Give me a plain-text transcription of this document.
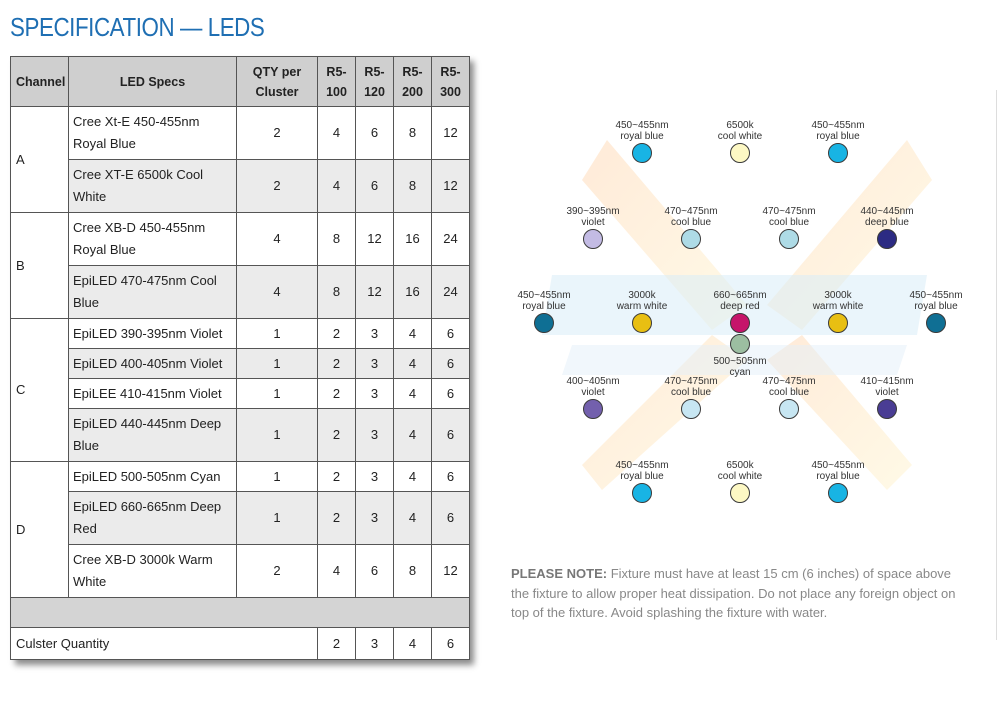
SPECIFICATION — LEDS
Channel	LED Specs	QTY per Cluster	R5-100	R5-120	R5-200	R5-300
A	Cree Xt-E 450-455nm Royal Blue	2	4	6	8	12
	Cree XT-E 6500k Cool White	2	4	6	8	12
B	Cree XB-D 450-455nm Royal Blue	4	8	12	16	24
	EpiLED 470-475nm Cool Blue	4	8	12	16	24
C	EpiLED 390-395nm Violet	1	2	3	4	6
	EpiLED 400-405nm Violet	1	2	3	4	6
	EpiLEE 410-415nm Violet	1	2	3	4	6
	EpiLED 440-445nm Deep Blue	1	2	3	4	6
D	EpiLED 500-505nm Cyan	1	2	3	4	6
	EpiLED 660-665nm Deep Red	1	2	3	4	6
	Cree XB-D 3000k Warm White	2	4	6	8	12

Culster Quantity			2	3	4	6
450~455nm
royal blue
6500k
cool white
450~455nm
royal blue
390~395nm
violet
470~475nm
cool blue
470~475nm
cool blue
440~445nm
deep blue
450~455nm
royal blue
3000k
warm white
660~665nm
deep red
3000k
warm white
450~455nm
royal blue
500~505nm
cyan
400~405nm
violet
470~475nm
cool blue
470~475nm
cool blue
410~415nm
violet
450~455nm
royal blue
6500k
cool white
450~455nm
royal blue
PLEASE NOTE: Fixture must have at least 15 cm (6 inches) of space above the fixture to allow proper heat dissipation. Do not place any foreign object on top of the fixture. Avoid splashing the fixture with water.
